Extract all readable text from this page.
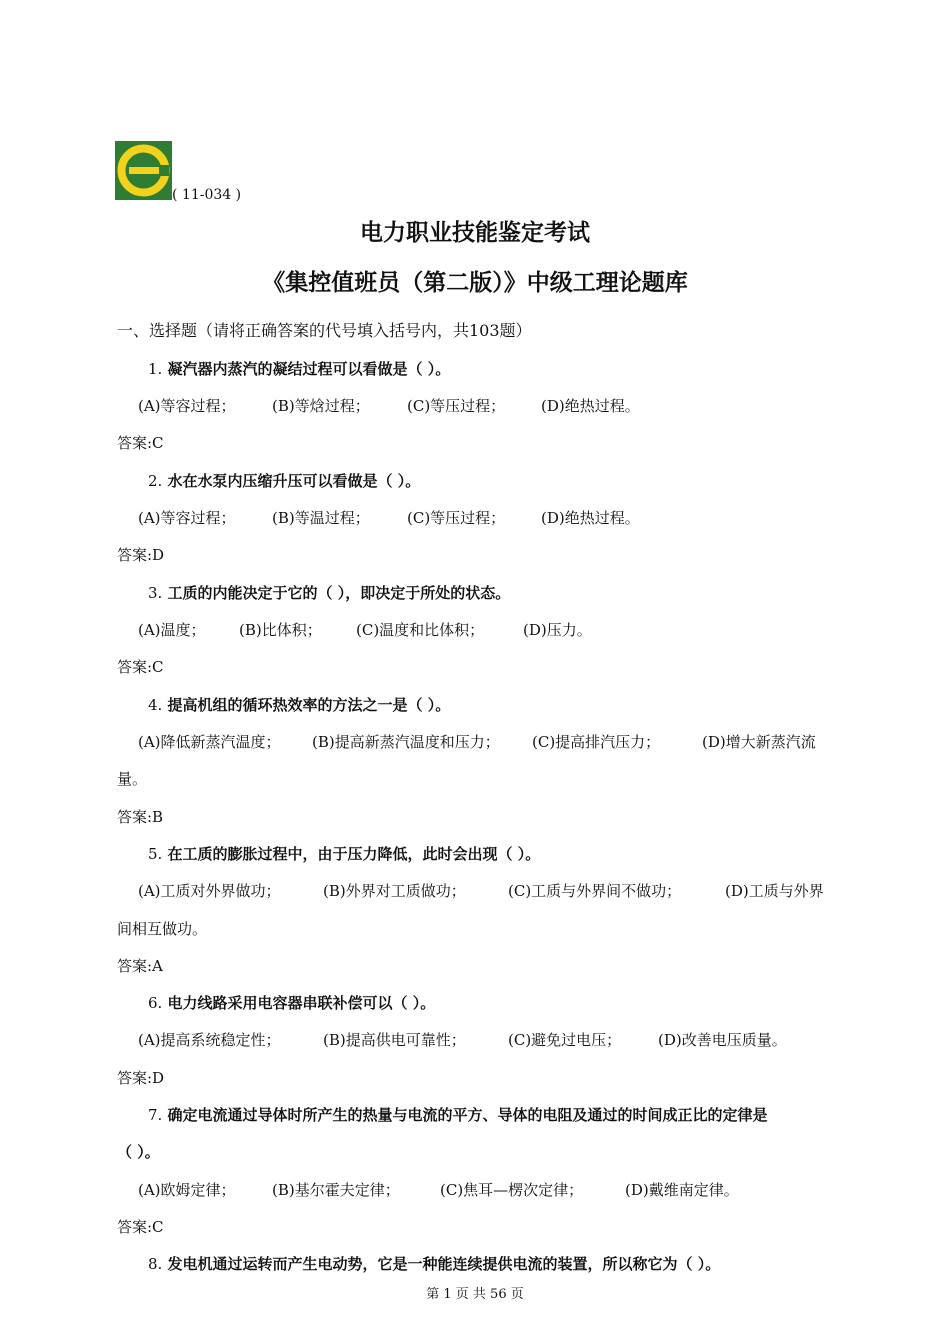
( 11-034 )
电力职业技能鉴定考试
《集控值班员（第二版）》中级工理论题库
一、选择题（请将正确答案的代号填入括号内，共103题）
1. 凝汽器内蒸汽的凝结过程可以看做是（ ）。
(A)等容过程； (B)等焓过程； (C)等压过程； (D)绝热过程。
答案:C
2. 水在水泵内压缩升压可以看做是（ ）。
(A)等容过程； (B)等温过程； (C)等压过程； (D)绝热过程。
答案:D
3. 工质的内能决定于它的（ ），即决定于所处的状态。
(A)温度； (B)比体积； (C)温度和比体积；	(D)压力。
答案:C
4. 提高机组的循环热效率的方法之一是（ ）。
(A)降低新蒸汽温度； (B)提高新蒸汽温度和压力； (C)提高排汽压力；	(D)增大新蒸汽流
量。
答案:B
5. 在工质的膨胀过程中，由于压力降低，此时会出现（ ）。
(A)工质对外界做功；	(B)外界对工质做功；	(C)工质与外界间不做功；	(D)工质与外界
间相互做功。
答案:A
6. 电力线路采用电容器串联补偿可以（ ）。
(A)提高系统稳定性；	(B)提高供电可靠性；	(C)避免过电压； (D)改善电压质量。
答案:D
7. 确定电流通过导体时所产生的热量与电流的平方、导体的电阻及通过的时间成正比的定律是
（ ）。
(A)欧姆定律； (B)基尔霍夫定律；	(C)焦耳—楞次定律；	(D)戴维南定律。
答案:C
8. 发电机通过运转而产生电动势，它是一种能连续提供电流的装置，所以称它为（ ）。
第 1 页 共 56 页
